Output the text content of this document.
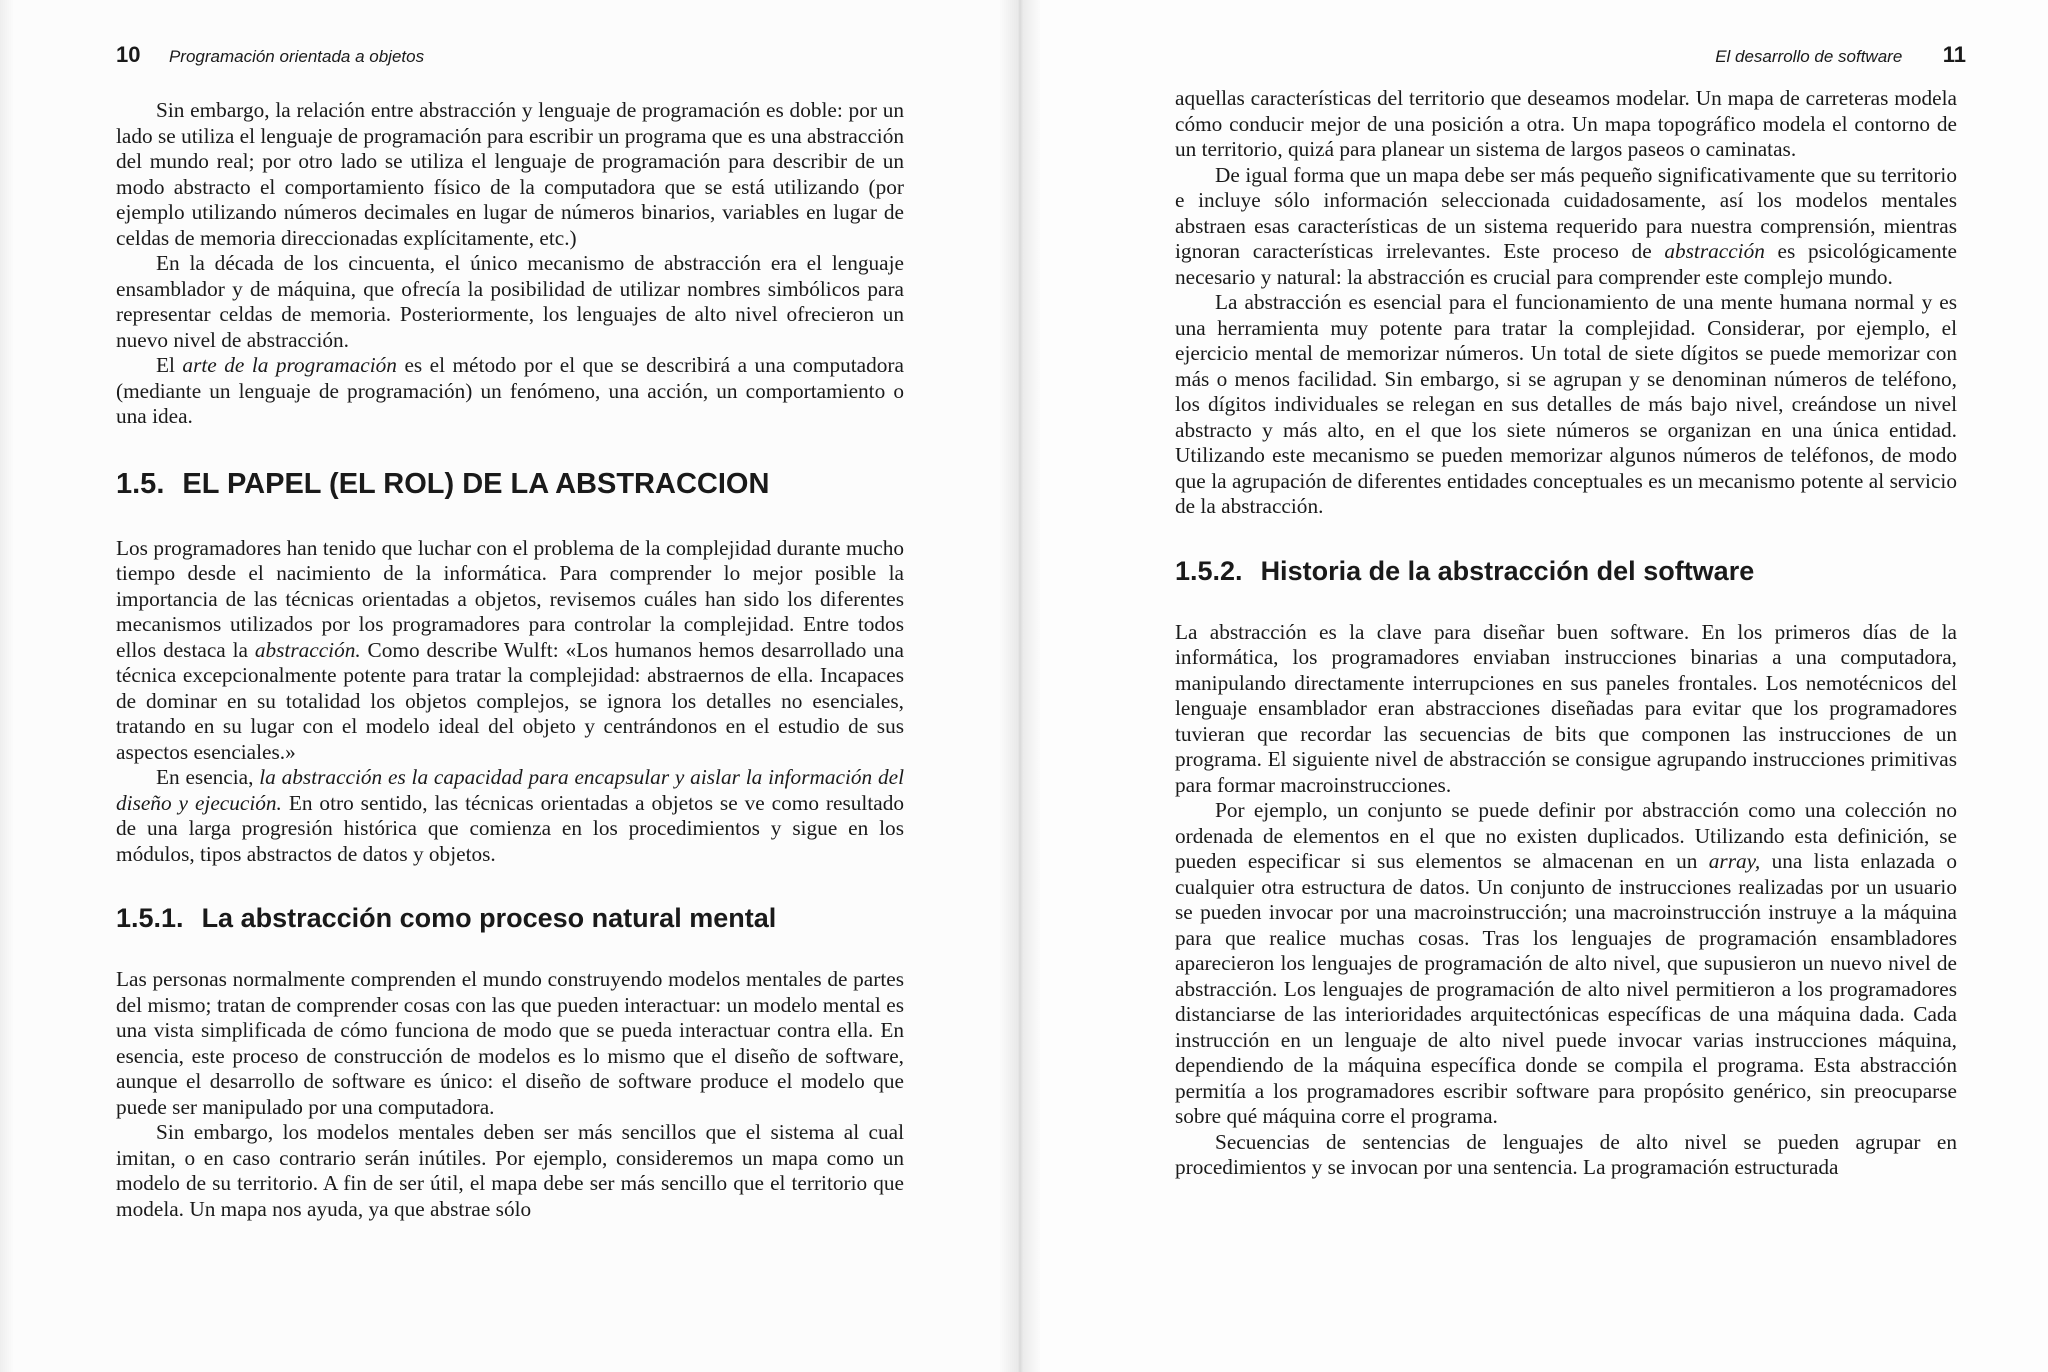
10 Programación orientada a objetos

Sin embargo, la relación entre abstracción y lenguaje de programación es doble: por un lado se utiliza el lenguaje de programación para escribir un programa que es una abstracción del mundo real; por otro lado se utiliza el lenguaje de programación para describir de un modo abstracto el comportamiento físico de la computadora que se está utilizando (por ejemplo utilizando números decimales en lugar de números binarios, variables en lugar de celdas de memoria direccionadas explícitamente, etc.)

En la década de los cincuenta, el único mecanismo de abstracción era el lenguaje ensamblador y de máquina, que ofrecía la posibilidad de utilizar nombres simbólicos para representar celdas de memoria. Posteriormente, los lenguajes de alto nivel ofrecieron un nuevo nivel de abstracción.

El arte de la programación es el método por el que se describirá a una computadora (mediante un lenguaje de programación) un fenómeno, una acción, un comportamiento o una idea.

1.5. EL PAPEL (EL ROL) DE LA ABSTRACCION

Los programadores han tenido que luchar con el problema de la complejidad durante mucho tiempo desde el nacimiento de la informática. Para comprender lo mejor posible la importancia de las técnicas orientadas a objetos, revisemos cuáles han sido los diferentes mecanismos utilizados por los programadores para controlar la complejidad. Entre todos ellos destaca la abstracción. Como describe Wulft: «Los humanos hemos desarrollado una técnica excepcionalmente potente para tratar la complejidad: abstraernos de ella. Incapaces de dominar en su totalidad los objetos complejos, se ignora los detalles no esenciales, tratando en su lugar con el modelo ideal del objeto y centrándonos en el estudio de sus aspectos esenciales.»

En esencia, la abstracción es la capacidad para encapsular y aislar la información del diseño y ejecución. En otro sentido, las técnicas orientadas a objetos se ve como resultado de una larga progresión histórica que comienza en los procedimientos y sigue en los módulos, tipos abstractos de datos y objetos.

1.5.1. La abstracción como proceso natural mental

Las personas normalmente comprenden el mundo construyendo modelos mentales de partes del mismo; tratan de comprender cosas con las que pueden interactuar: un modelo mental es una vista simplificada de cómo funciona de modo que se pueda interactuar contra ella. En esencia, este proceso de construcción de modelos es lo mismo que el diseño de software, aunque el desarrollo de software es único: el diseño de software produce el modelo que puede ser manipulado por una computadora.

Sin embargo, los modelos mentales deben ser más sencillos que el sistema al cual imitan, o en caso contrario serán inútiles. Por ejemplo, consideremos un mapa como un modelo de su territorio. A fin de ser útil, el mapa debe ser más sencillo que el territorio que modela. Un mapa nos ayuda, ya que abstrae sólo

El desarrollo de software 11

aquellas características del territorio que deseamos modelar. Un mapa de carreteras modela cómo conducir mejor de una posición a otra. Un mapa topográfico modela el contorno de un territorio, quizá para planear un sistema de largos paseos o caminatas.

De igual forma que un mapa debe ser más pequeño significativamente que su territorio e incluye sólo información seleccionada cuidadosamente, así los modelos mentales abstraen esas características de un sistema requerido para nuestra comprensión, mientras ignoran características irrelevantes. Este proceso de abstracción es psicológicamente necesario y natural: la abstracción es crucial para comprender este complejo mundo.

La abstracción es esencial para el funcionamiento de una mente humana normal y es una herramienta muy potente para tratar la complejidad. Considerar, por ejemplo, el ejercicio mental de memorizar números. Un total de siete dígitos se puede memorizar con más o menos facilidad. Sin embargo, si se agrupan y se denominan números de teléfono, los dígitos individuales se relegan en sus detalles de más bajo nivel, creándose un nivel abstracto y más alto, en el que los siete números se organizan en una única entidad. Utilizando este mecanismo se pueden memorizar algunos números de teléfonos, de modo que la agrupación de diferentes entidades conceptuales es un mecanismo potente al servicio de la abstracción.

1.5.2. Historia de la abstracción del software

La abstracción es la clave para diseñar buen software. En los primeros días de la informática, los programadores enviaban instrucciones binarias a una computadora, manipulando directamente interrupciones en sus paneles frontales. Los nemotécnicos del lenguaje ensamblador eran abstracciones diseñadas para evitar que los programadores tuvieran que recordar las secuencias de bits que componen las instrucciones de un programa. El siguiente nivel de abstracción se consigue agrupando instrucciones primitivas para formar macroinstrucciones.

Por ejemplo, un conjunto se puede definir por abstracción como una colección no ordenada de elementos en el que no existen duplicados. Utilizando esta definición, se pueden especificar si sus elementos se almacenan en un array, una lista enlazada o cualquier otra estructura de datos. Un conjunto de instrucciones realizadas por un usuario se pueden invocar por una macroinstrucción; una macroinstrucción instruye a la máquina para que realice muchas cosas. Tras los lenguajes de programación ensambladores aparecieron los lenguajes de programación de alto nivel, que supusieron un nuevo nivel de abstracción. Los lenguajes de programación de alto nivel permitieron a los programadores distanciarse de las interioridades arquitectónicas específicas de una máquina dada. Cada instrucción en un lenguaje de alto nivel puede invocar varias instrucciones máquina, dependiendo de la máquina específica donde se compila el programa. Esta abstracción permitía a los programadores escribir software para propósito genérico, sin preocuparse sobre qué máquina corre el programa.

Secuencias de sentencias de lenguajes de alto nivel se pueden agrupar en procedimientos y se invocan por una sentencia. La programación estructurada
